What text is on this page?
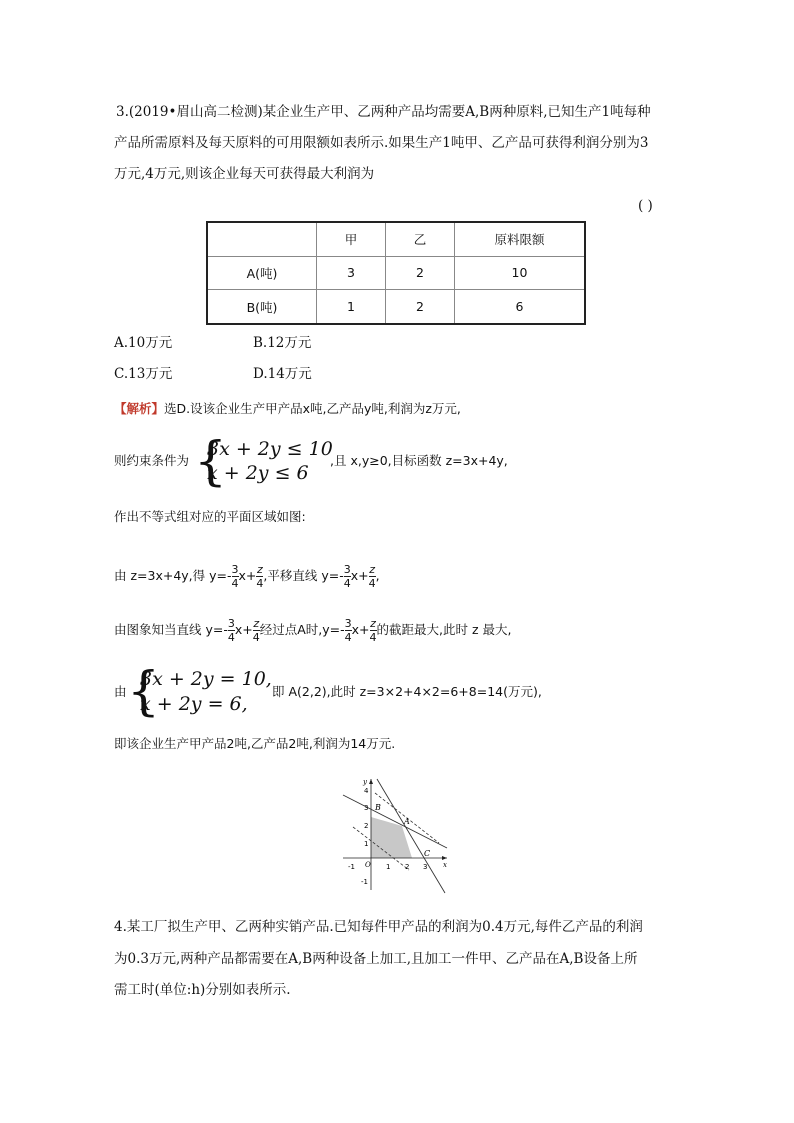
3.(2019•眉山高二检测)某企业生产甲、乙两种产品均需要A,B两种原料,已知生产1吨每种
产品所需原料及每天原料的可用限额如表所示.如果生产1吨甲、乙产品可获得利润分别为3
万元,4万元,则该企业每天可获得最大利润为
( )
	甲	乙	原料限额
A(吨)	3	2	10
B(吨)	1	2	6
A.10万元	B.12万元
C.13万元	D.14万元
【解析】选D.设该企业生产甲产品x吨,乙产品y吨,利润为z万元,
则约束条件为 {
3x + 2y ≤ 10
x + 2y ≤ 6
,且 x,y≥0,目标函数 z=3x+4y,
作出不等式组对应的平面区域如图:
由 z=3x+4y,得 $y=- \frac{3}{4} x+ \frac{z}{4}$ ,平移直线 $y=- \frac{3}{4} x+ \frac{z}{4}$ ,
由图象知当直线 $y=- \frac{3}{4} x+ \frac{z}{4}$ 经过点A时$,y=- \frac{3}{4} x+ \frac{z}{4}$ 的截距最大,此时 z 最大,
由 {
3x + 2y = 10,
x + 2y = 6,
即 A(2,2),此时 z=3×2+4×2=6+8=14(万元),
即该企业生产甲产品2吨,乙产品2吨,利润为14万元.
B
A
C
O	x
y
-1	1 2 3
4
3
2
1
-1
4.某工厂拟生产甲、乙两种实销产品.已知每件甲产品的利润为0.4万元,每件乙产品的利润
为0.3万元,两种产品都需要在A,B两种设备上加工,且加工一件甲、乙产品在A,B设备上所
需工时(单位:h)分别如表所示.
